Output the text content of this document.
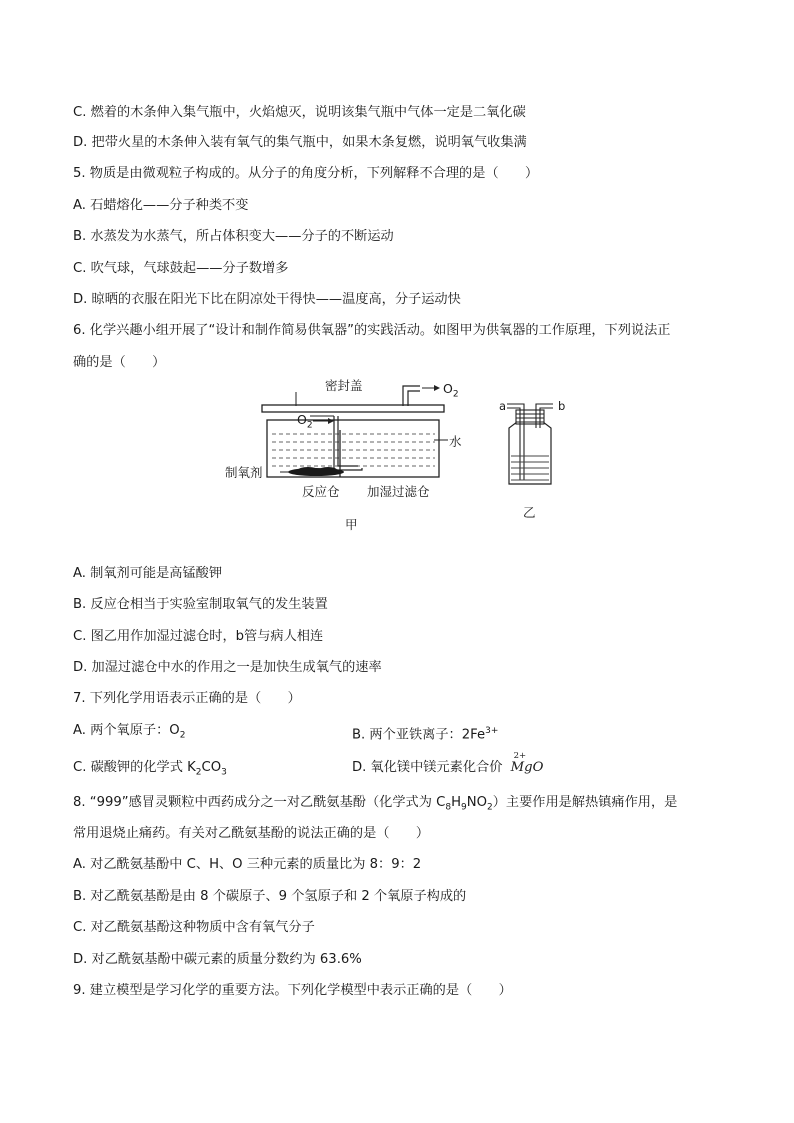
C. 燃着的木条伸入集气瓶中，火焰熄灭，说明该集气瓶中气体一定是二氧化碳
D. 把带火星的木条伸入装有氧气的集气瓶中，如果木条复燃，说明氧气收集满
5. 物质是由微观粒子构成的。从分子的角度分析，下列解释不合理的是（　　）
A. 石蜡熔化——分子种类不变
B. 水蒸发为水蒸气，所占体积变大——分子的不断运动
C. 吹气球，气球鼓起——分子数增多
D. 晾晒的衣服在阳光下比在阴凉处干得快——温度高，分子运动快
6. 化学兴趣小组开展了“设计和制作简易供氧器”的实践活动。如图甲为供氧器的工作原理，下列说法正
确的是（　　）
密封盖	$O_2$
$O_2$
水
制氧剂
反应仓 加湿过滤仓
甲
a	b
乙
A. 制氧剂可能是高锰酸钾
B. 反应仓相当于实验室制取氧气的发生装置
C. 图乙用作加湿过滤仓时，b管与病人相连
D. 加湿过滤仓中水的作用之一是加快生成氧气的速率
7. 下列化学用语表示正确的是（　　）
A. 两个氧原子：$O_2$	B. 两个亚铁离子：$2Fe^{3+}$
C. 碳酸钾的化学式 $K_2CO_3$	D. 氧化镁中镁元素化合价
2+
MgO
8. “999”感冒灵颗粒中西药成分之一对乙酰氨基酚（化学式为 $C_8H_9NO_2$）主要作用是解热镇痛作用，是
常用退烧止痛药。有关对乙酰氨基酚的说法正确的是（　　）
A. 对乙酰氨基酚中 C、H、O 三种元素的质量比为 8：9：2
B. 对乙酰氨基酚是由 8 个碳原子、9 个氢原子和 2 个氧原子构成的
C. 对乙酰氨基酚这种物质中含有氧气分子
D. 对乙酰氨基酚中碳元素的质量分数约为 63.6%
9. 建立模型是学习化学的重要方法。下列化学模型中表示正确的是（　　）
